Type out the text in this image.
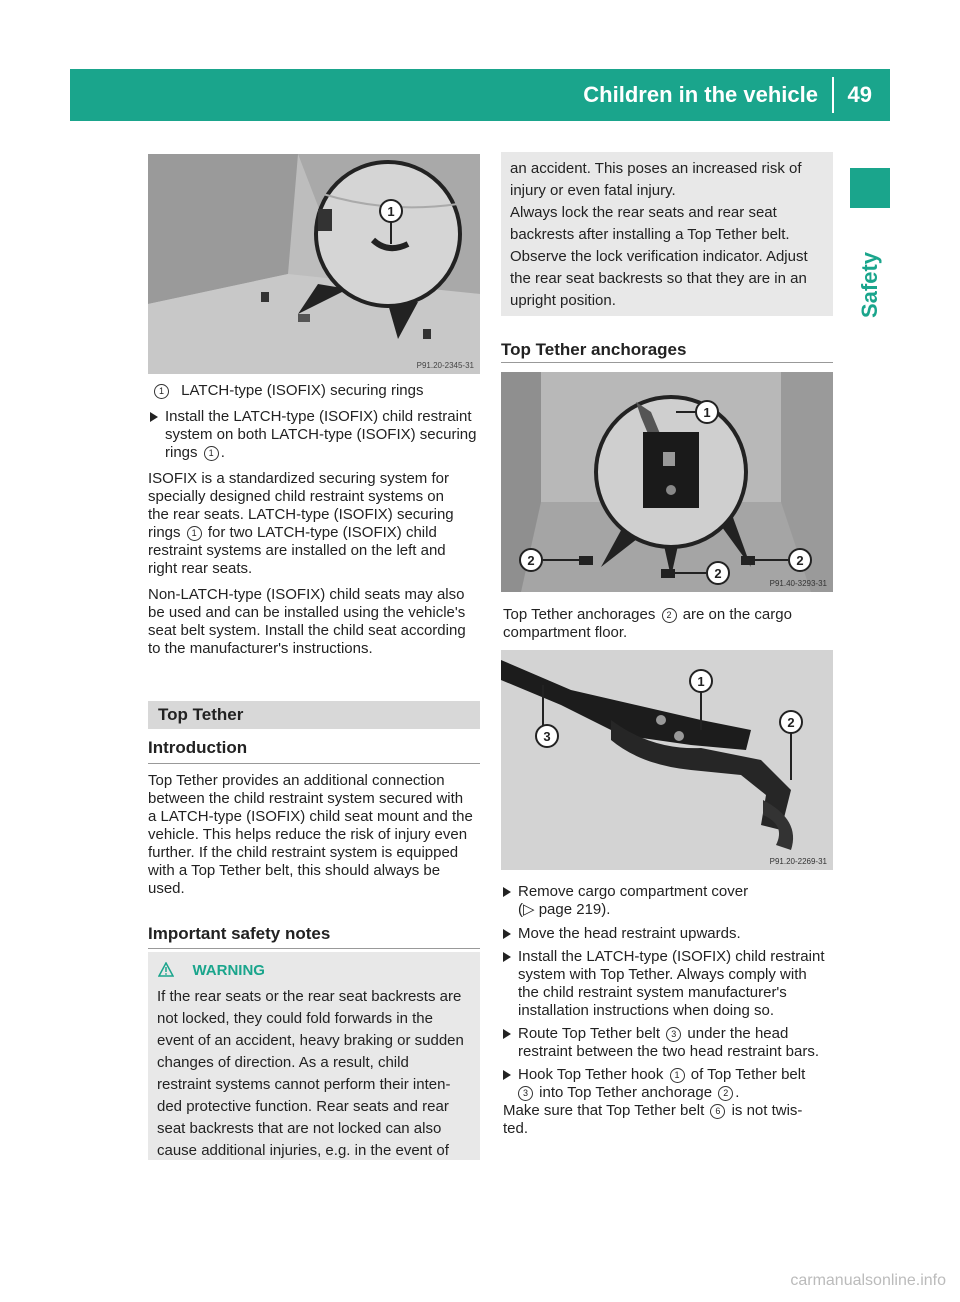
Children in the vehicle 49
Safety
1
P91.20-2345-31
1 LATCH-type (ISOFIX) securing rings
Install the LATCH-type (ISOFIX) child restraint
system on both LATCH-type (ISOFIX) securing
rings 1 .
ISOFIX is a standardized securing system for
specially designed child restraint systems on
the rear seats. LATCH-type (ISOFIX) securing
rings 1 for two LATCH-type (ISOFIX) child
restraint systems are installed on the left and
right rear seats.
Non-LATCH-type (ISOFIX) child seats may also
be used and can be installed using the vehicle's
seat belt system. Install the child seat according
to the manufacturer's instructions.
Top Tether
Introduction
Top Tether provides an additional connection
between the child restraint system secured with
a LATCH-type (ISOFIX) child seat mount and the
vehicle. This helps reduce the risk of injury even
further. If the child restraint system is equipped
with a Top Tether belt, this should always be
used.
Important safety notes
WARNING
If the rear seats or the rear seat backrests are
not locked, they could fold forwards in the
event of an accident, heavy braking or sudden
changes of direction. As a result, child
restraint systems cannot perform their inten-
ded protective function. Rear seats and rear
seat backrests that are not locked can also
cause additional injuries, e.g. in the event of
an accident. This poses an increased risk of
injury or even fatal injury.
Always lock the rear seats and rear seat
backrests after installing a Top Tether belt.
Observe the lock verification indicator. Adjust
the rear seat backrests so that they are in an
upright position.
Top Tether anchorages
1
2
2
2
P91.40-3293-31
Top Tether anchorages 2 are on the cargo
compartment floor.
3
1
2
P91.20-2269-31
Remove cargo compartment cover
(▷ page 219).
Move the head restraint upwards.
Install the LATCH-type (ISOFIX) child restraint
system with Top Tether. Always comply with
the child restraint system manufacturer's
installation instructions when doing so.
Route Top Tether belt 3 under the head
restraint between the two head restraint bars.
Hook Top Tether hook 1 of Top Tether belt
3 into Top Tether anchorage 2 .
Make sure that Top Tether belt 6 is not twis-
ted.
carmanualsonline.info
